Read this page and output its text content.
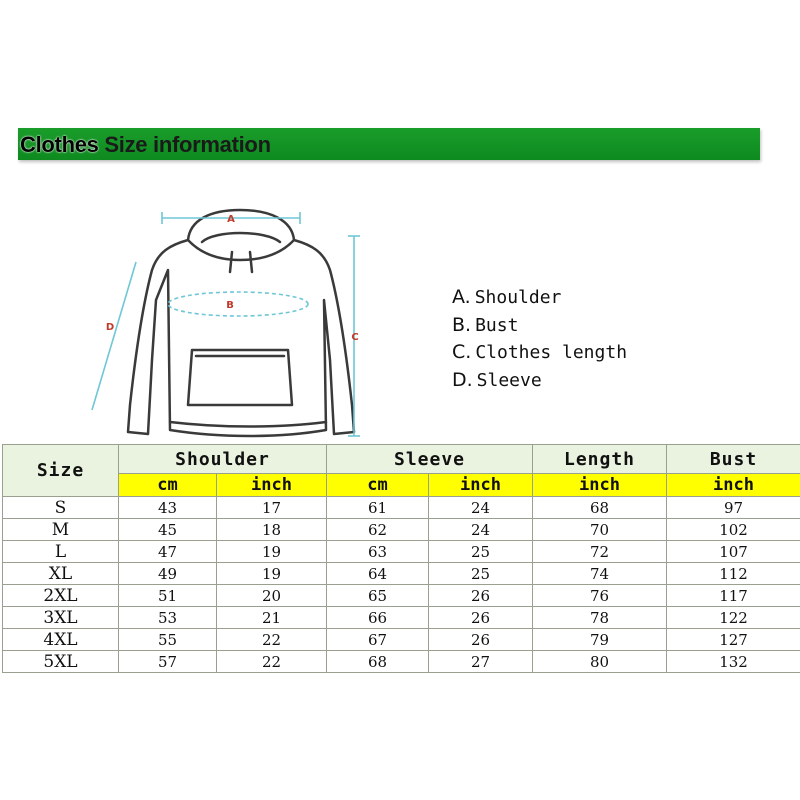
Clothes Size information
A
B
C
D
A. Shoulder
B. Bust
C. Clothes length
D. Sleeve
Size	Shoulder		Sleeve		Length	Bust
	cm	inch	cm	inch	inch	inch
S	43	17	61	24	68	97
M	45	18	62	24	70	102
L	47	19	63	25	72	107
XL	49	19	64	25	74	112
2XL	51	20	65	26	76	117
3XL	53	21	66	26	78	122
4XL	55	22	67	26	79	127
5XL	57	22	68	27	80	132
